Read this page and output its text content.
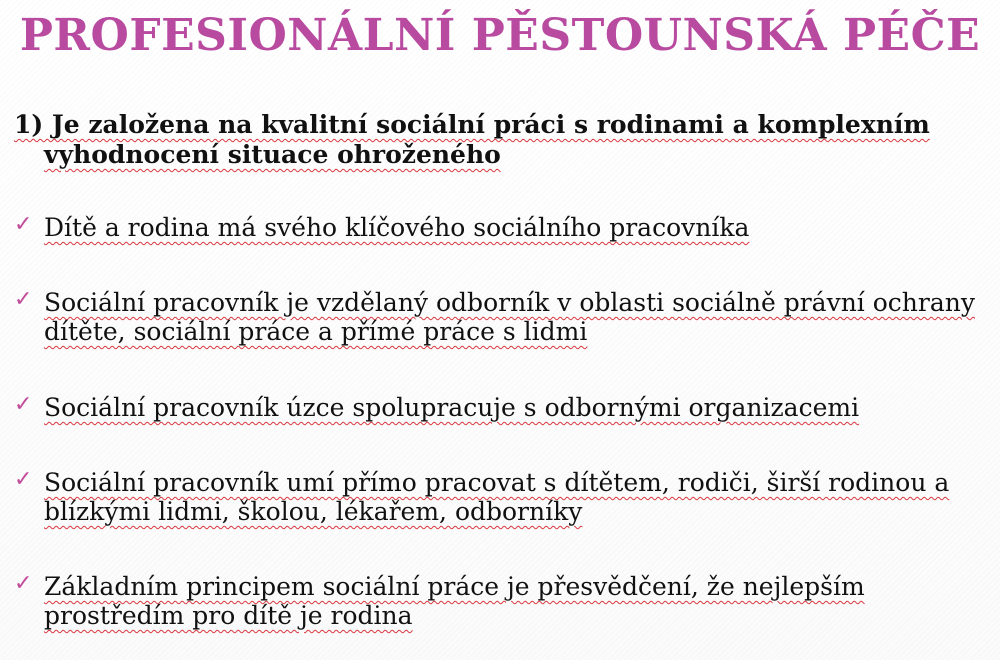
PROFESIONÁLNÍ PĚSTOUNSKÁ PÉČE
1) Je založena na kvalitní sociální práci s rodinami a komplexním
vyhodnocení situace ohroženého
✓ Dítě a rodina má svého klíčového sociálního pracovníka
✓ Sociální pracovník je vzdělaný odborník v oblasti sociálně právní ochrany dítěte, sociální práce a přímé práce s lidmi
✓ Sociální pracovník úzce spolupracuje s odbornými organizacemi
✓ Sociální pracovník umí přímo pracovat s dítětem, rodiči, širší rodinou a blízkými lidmi, školou, lékařem, odborníky
✓ Základním principem sociální práce je přesvědčení, že nejlepším prostředím pro dítě je rodina
